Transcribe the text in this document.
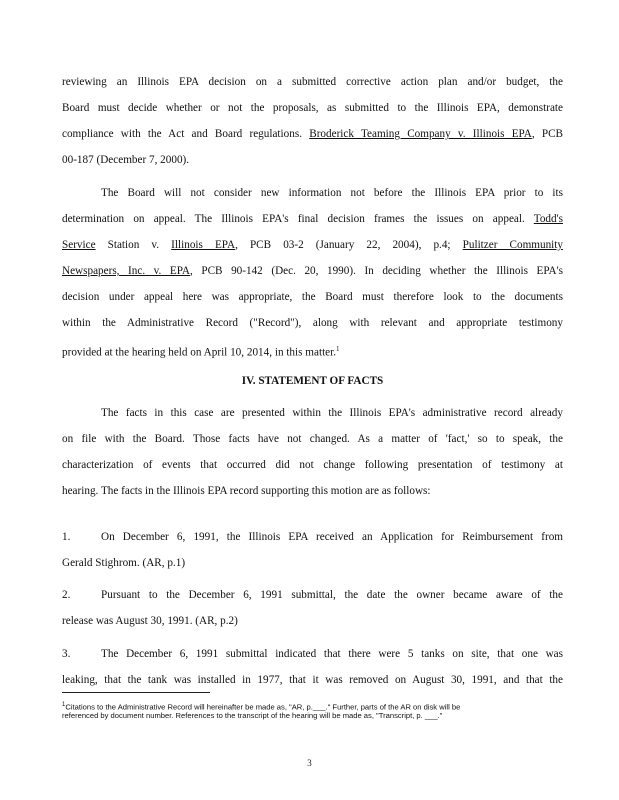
reviewing an Illinois EPA decision on a submitted corrective action plan and/or budget, the
Board must decide whether or not the proposals, as submitted to the Illinois EPA, demonstrate
compliance with the Act and Board regulations. Broderick Teaming Company v. Illinois EPA, PCB
00-187 (December 7, 2000).
The Board will not consider new information not before the Illinois EPA prior to its
determination on appeal. The Illinois EPA's final decision frames the issues on appeal. Todd's
Service Station v. Illinois EPA, PCB 03-2 (January 22, 2004), p.4; Pulitzer Community
Newspapers, Inc. v. EPA, PCB 90-142 (Dec. 20, 1990). In deciding whether the Illinois EPA's
decision under appeal here was appropriate, the Board must therefore look to the documents
within the Administrative Record ("Record"), along with relevant and appropriate testimony
provided at the hearing held on April 10, 2014, in this matter.$^1$
IV. STATEMENT OF FACTS
The facts in this case are presented within the Illinois EPA's administrative record already
on file with the Board. Those facts have not changed. As a matter of 'fact,' so to speak, the
characterization of events that occurred did not change following presentation of testimony at
hearing. The facts in the Illinois EPA record supporting this motion are as follows:
1.	On December 6, 1991, the Illinois EPA received an Application for Reimbursement from
Gerald Stighrom. (AR, p.1)
2.	Pursuant to the December 6, 1991 submittal, the date the owner became aware of the
release was August 30, 1991. (AR, p.2)
3.	The December 6, 1991 submittal indicated that there were 5 tanks on site, that one was
leaking, that the tank was installed in 1977, that it was removed on August 30, 1991, and that the
$^1$Citations to the Administrative Record will hereinafter be made as, "AR, p.___." Further, parts of the AR on disk will be
referenced by document number. References to the transcript of the hearing will be made as, "Transcript, p. ___."
3
